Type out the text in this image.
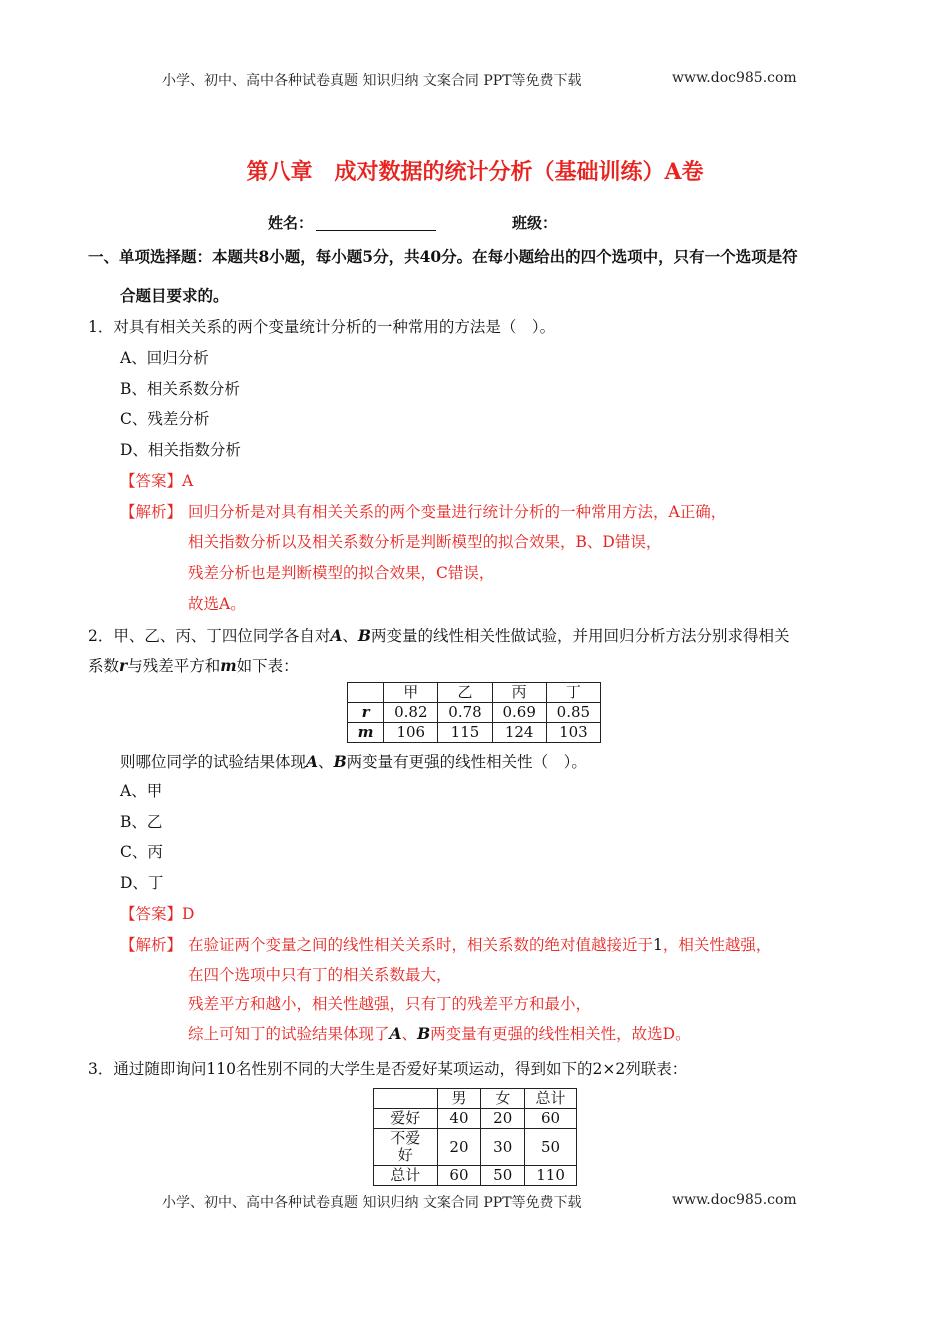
小学、初中、高中各种试卷真题 知识归纳 文案合同 PPT等免费下载	www.doc985.com
第八章　成对数据的统计分析（基础训练）A卷
姓名：	班级：
一、单项选择题：本题共8小题，每小题5分，共40分。在每小题给出的四个选项中，只有一个选项是符
合题目要求的。
1．对具有相关关系的两个变量统计分析的一种常用的方法是（　）。
A、回归分析
B、相关系数分析
C、残差分析
D、相关指数分析
【答案】A
【解析】 回归分析是对具有相关关系的两个变量进行统计分析的一种常用方法，A正确，
相关指数分析以及相关系数分析是判断模型的拟合效果，B、D错误，
残差分析也是判断模型的拟合效果，C错误，
故选A。
2．甲、乙、丙、丁四位同学各自对A、B两变量的线性相关性做试验，并用回归分析方法分别求得相关
系数r与残差平方和m如下表：
	甲	乙	丙	丁
r	0.82	0.78	0.69	0.85
m	106	115	124	103
则哪位同学的试验结果体现A、B两变量有更强的线性相关性（　）。
A、甲
B、乙
C、丙
D、丁
【答案】D
【解析】 在验证两个变量之间的线性相关关系时，相关系数的绝对值越接近于1，相关性越强，
在四个选项中只有丁的相关系数最大，
残差平方和越小，相关性越强，只有丁的残差平方和最小，
综上可知丁的试验结果体现了A、B两变量有更强的线性相关性，故选D。
3．通过随即询问110名性别不同的大学生是否爱好某项运动，得到如下的2×2列联表：
	男	女	总计
爱好	40	20	60
不爱好	20	30	50
总计	60	50	110
小学、初中、高中各种试卷真题 知识归纳 文案合同 PPT等免费下载	www.doc985.com
